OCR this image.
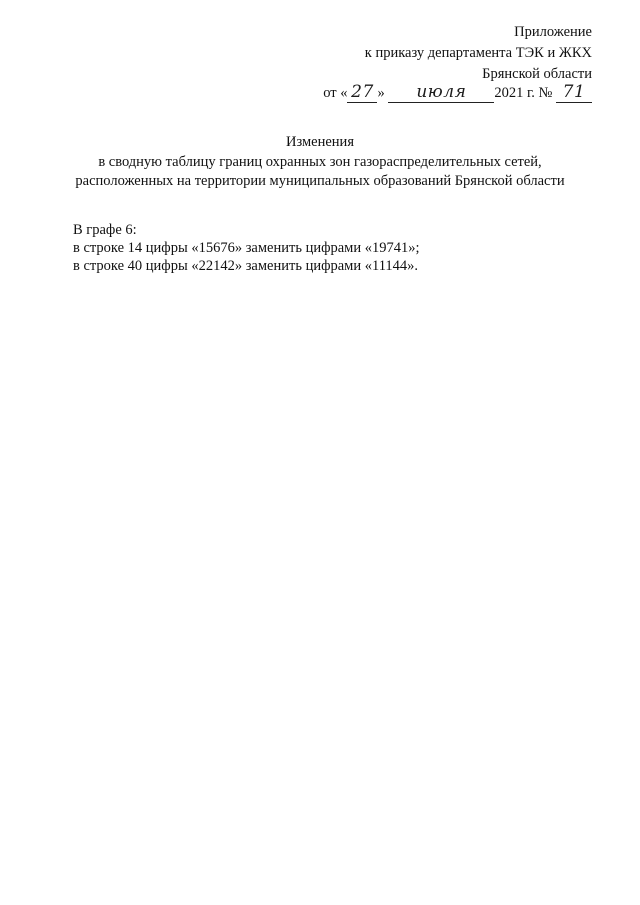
Приложение
к приказу департамента ТЭК и ЖКХ
Брянской области
от « 27 » июля 2021 г. № 71
Изменения
в сводную таблицу границ охранных зон газораспределительных сетей,
расположенных на территории муниципальных образований Брянской области
В графе 6:
в строке 14 цифры «15676» заменить цифрами «19741»;
в строке 40 цифры «22142» заменить цифрами «11144».
